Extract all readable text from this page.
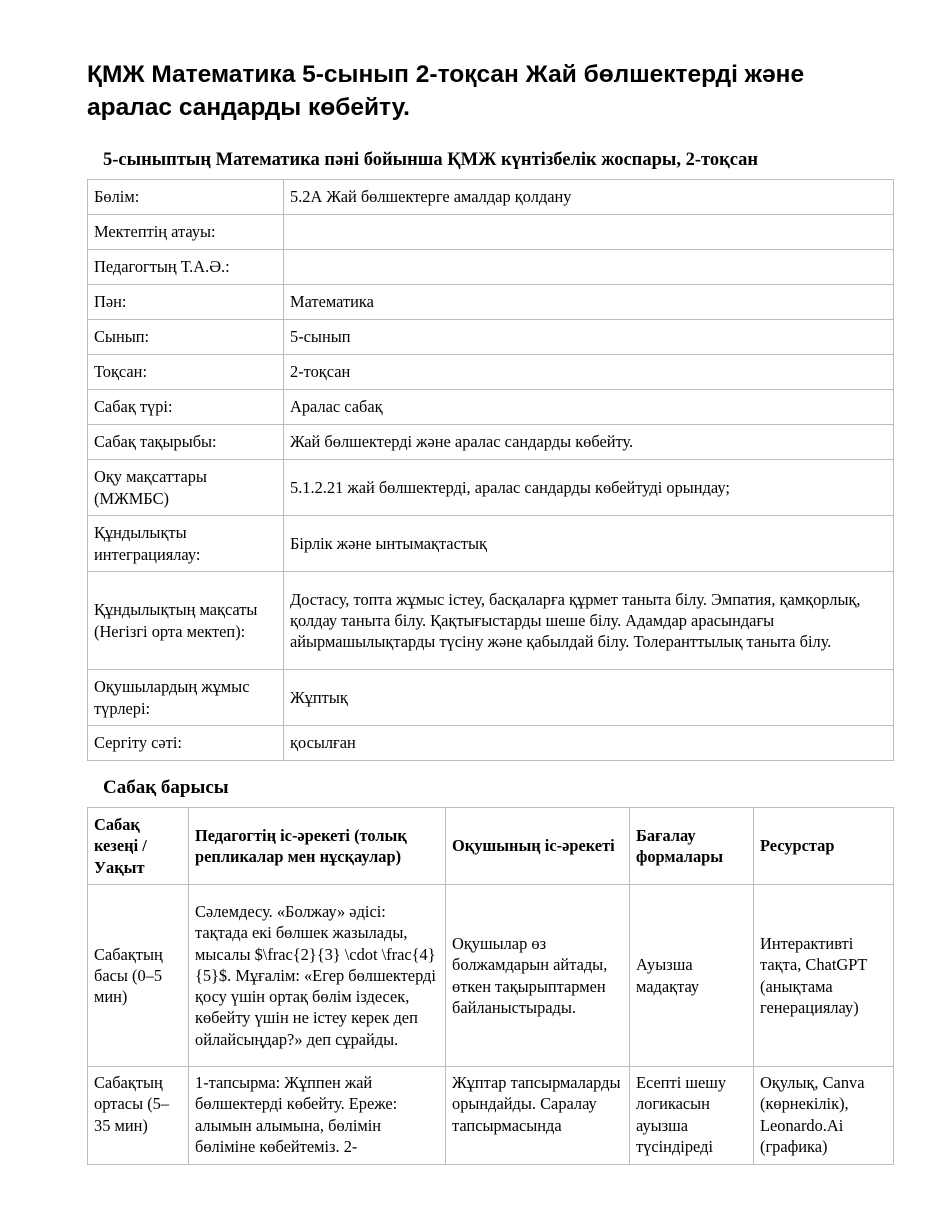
ҚМЖ Математика 5-сынып 2-тоқсан Жай бөлшектерді және аралас сандарды көбейту.
5-сыныптың Математика пәні бойынша ҚМЖ күнтізбелік жоспары, 2-тоқсан
Бөлім:	5.2А Жай бөлшектерге амалдар қолдану
Мектептің атауы:	
Педагогтың Т.А.Ә.:	
Пән:	Математика
Сынып:	5-сынып
Тоқсан:	2-тоқсан
Сабақ түрі:	Аралас сабақ
Сабақ тақырыбы:	Жай бөлшектерді және аралас сандарды көбейту.
Оқу мақсаттары (МЖМБС)	5.1.2.21 жай бөлшектерді, аралас сандарды көбейтуді орындау;
Құндылықты интеграциялау:	Бірлік және ынтымақтастық
Құндылықтың мақсаты (Негізгі орта мектеп):	Достасу, топта жұмыс істеу, басқаларға құрмет таныта білу. Эмпатия, қамқорлық, қолдау таныта білу. Қақтығыстарды шеше білу. Адамдар арасындағы айырмашылықтарды түсіну және қабылдай білу. Толеранттылық таныта білу.
Оқушылардың жұмыс түрлері:	Жұптық
Сергіту сәті:	қосылған
Сабақ барысы
Сабақ кезеңі / Уақыт	Педагогтің іс-әрекеті (толық репликалар мен нұсқаулар)	Оқушының іс-әрекеті	Бағалау формалары	Ресурстар
Сабақтың басы (0–5 мин)	Сәлемдесу. «Болжау» әдісі: тақтада екі бөлшек жазылады, мысалы $\frac{2}{3} \cdot \frac{4}{5}$. Мұғалім: «Егер бөлшектерді қосу үшін ортақ бөлім іздесек, көбейту үшін не істеу керек деп ойлайсыңдар?» деп сұрайды.	Оқушылар өз болжамдарын айтады, өткен тақырыптармен байланыстырады.	Ауызша мадақтау	Интерактивті тақта, ChatGPT (анықтама генерациялау)
Сабақтың ортасы (5–35 мин)	1-тапсырма: Жұппен жай бөлшектерді көбейту. Ереже: алымын алымына, бөлімін бөліміне көбейтеміз. 2-	Жұптар тапсырмаларды орындайды. Саралау тапсырмасында	Есепті шешу логикасын ауызша түсіндіреді	Оқулық, Canva (көрнекілік), Leonardo.Ai (графика)
